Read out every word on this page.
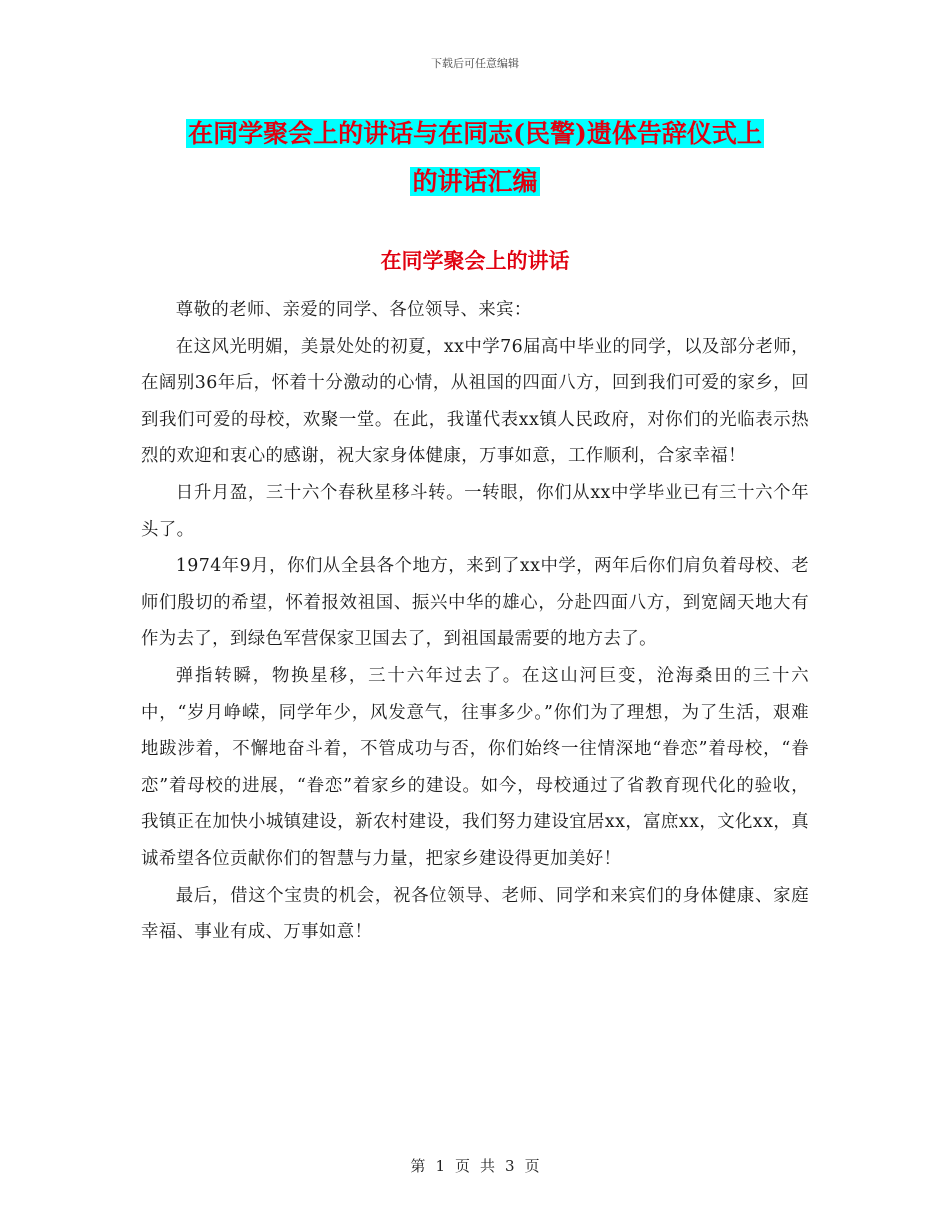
下载后可任意编辑
在同学聚会上的讲话与在同志(民警)遗体告辞仪式上
的讲话汇编
在同学聚会上的讲话

尊敬的老师、亲爱的同学、各位领导、来宾：

在这风光明媚，美景处处的初夏，xx中学76届高中毕业的同学，以及部分老师，在阔别36年后，怀着十分激动的心情，从祖国的四面八方，回到我们可爱的家乡，回到我们可爱的母校，欢聚一堂。在此，我谨代表xx镇人民政府，对你们的光临表示热烈的欢迎和衷心的感谢，祝大家身体健康，万事如意，工作顺利，合家幸福！

日升月盈，三十六个春秋星移斗转。一转眼，你们从xx中学毕业已有三十六个年头了。

1974年9月，你们从全县各个地方，来到了xx中学，两年后你们肩负着母校、老师们殷切的希望，怀着报效祖国、振兴中华的雄心，分赴四面八方，到宽阔天地大有作为去了，到绿色军营保家卫国去了，到祖国最需要的地方去了。

弹指转瞬，物换星移，三十六年过去了。在这山河巨变，沧海桑田的三十六中，“岁月峥嵘，同学年少，风发意气，往事多少。”你们为了理想，为了生活，艰难地跋涉着，不懈地奋斗着，不管成功与否，你们始终一往情深地“眷恋”着母校，“眷恋”着母校的进展，“眷恋”着家乡的建设。如今，母校通过了省教育现代化的验收，我镇正在加快小城镇建设，新农村建设，我们努力建设宜居xx，富庶xx，文化xx，真诚希望各位贡献你们的智慧与力量，把家乡建设得更加美好！

最后，借这个宝贵的机会，祝各位领导、老师、同学和来宾们的身体健康、家庭幸福、事业有成、万事如意！

第 1 页 共 3 页
